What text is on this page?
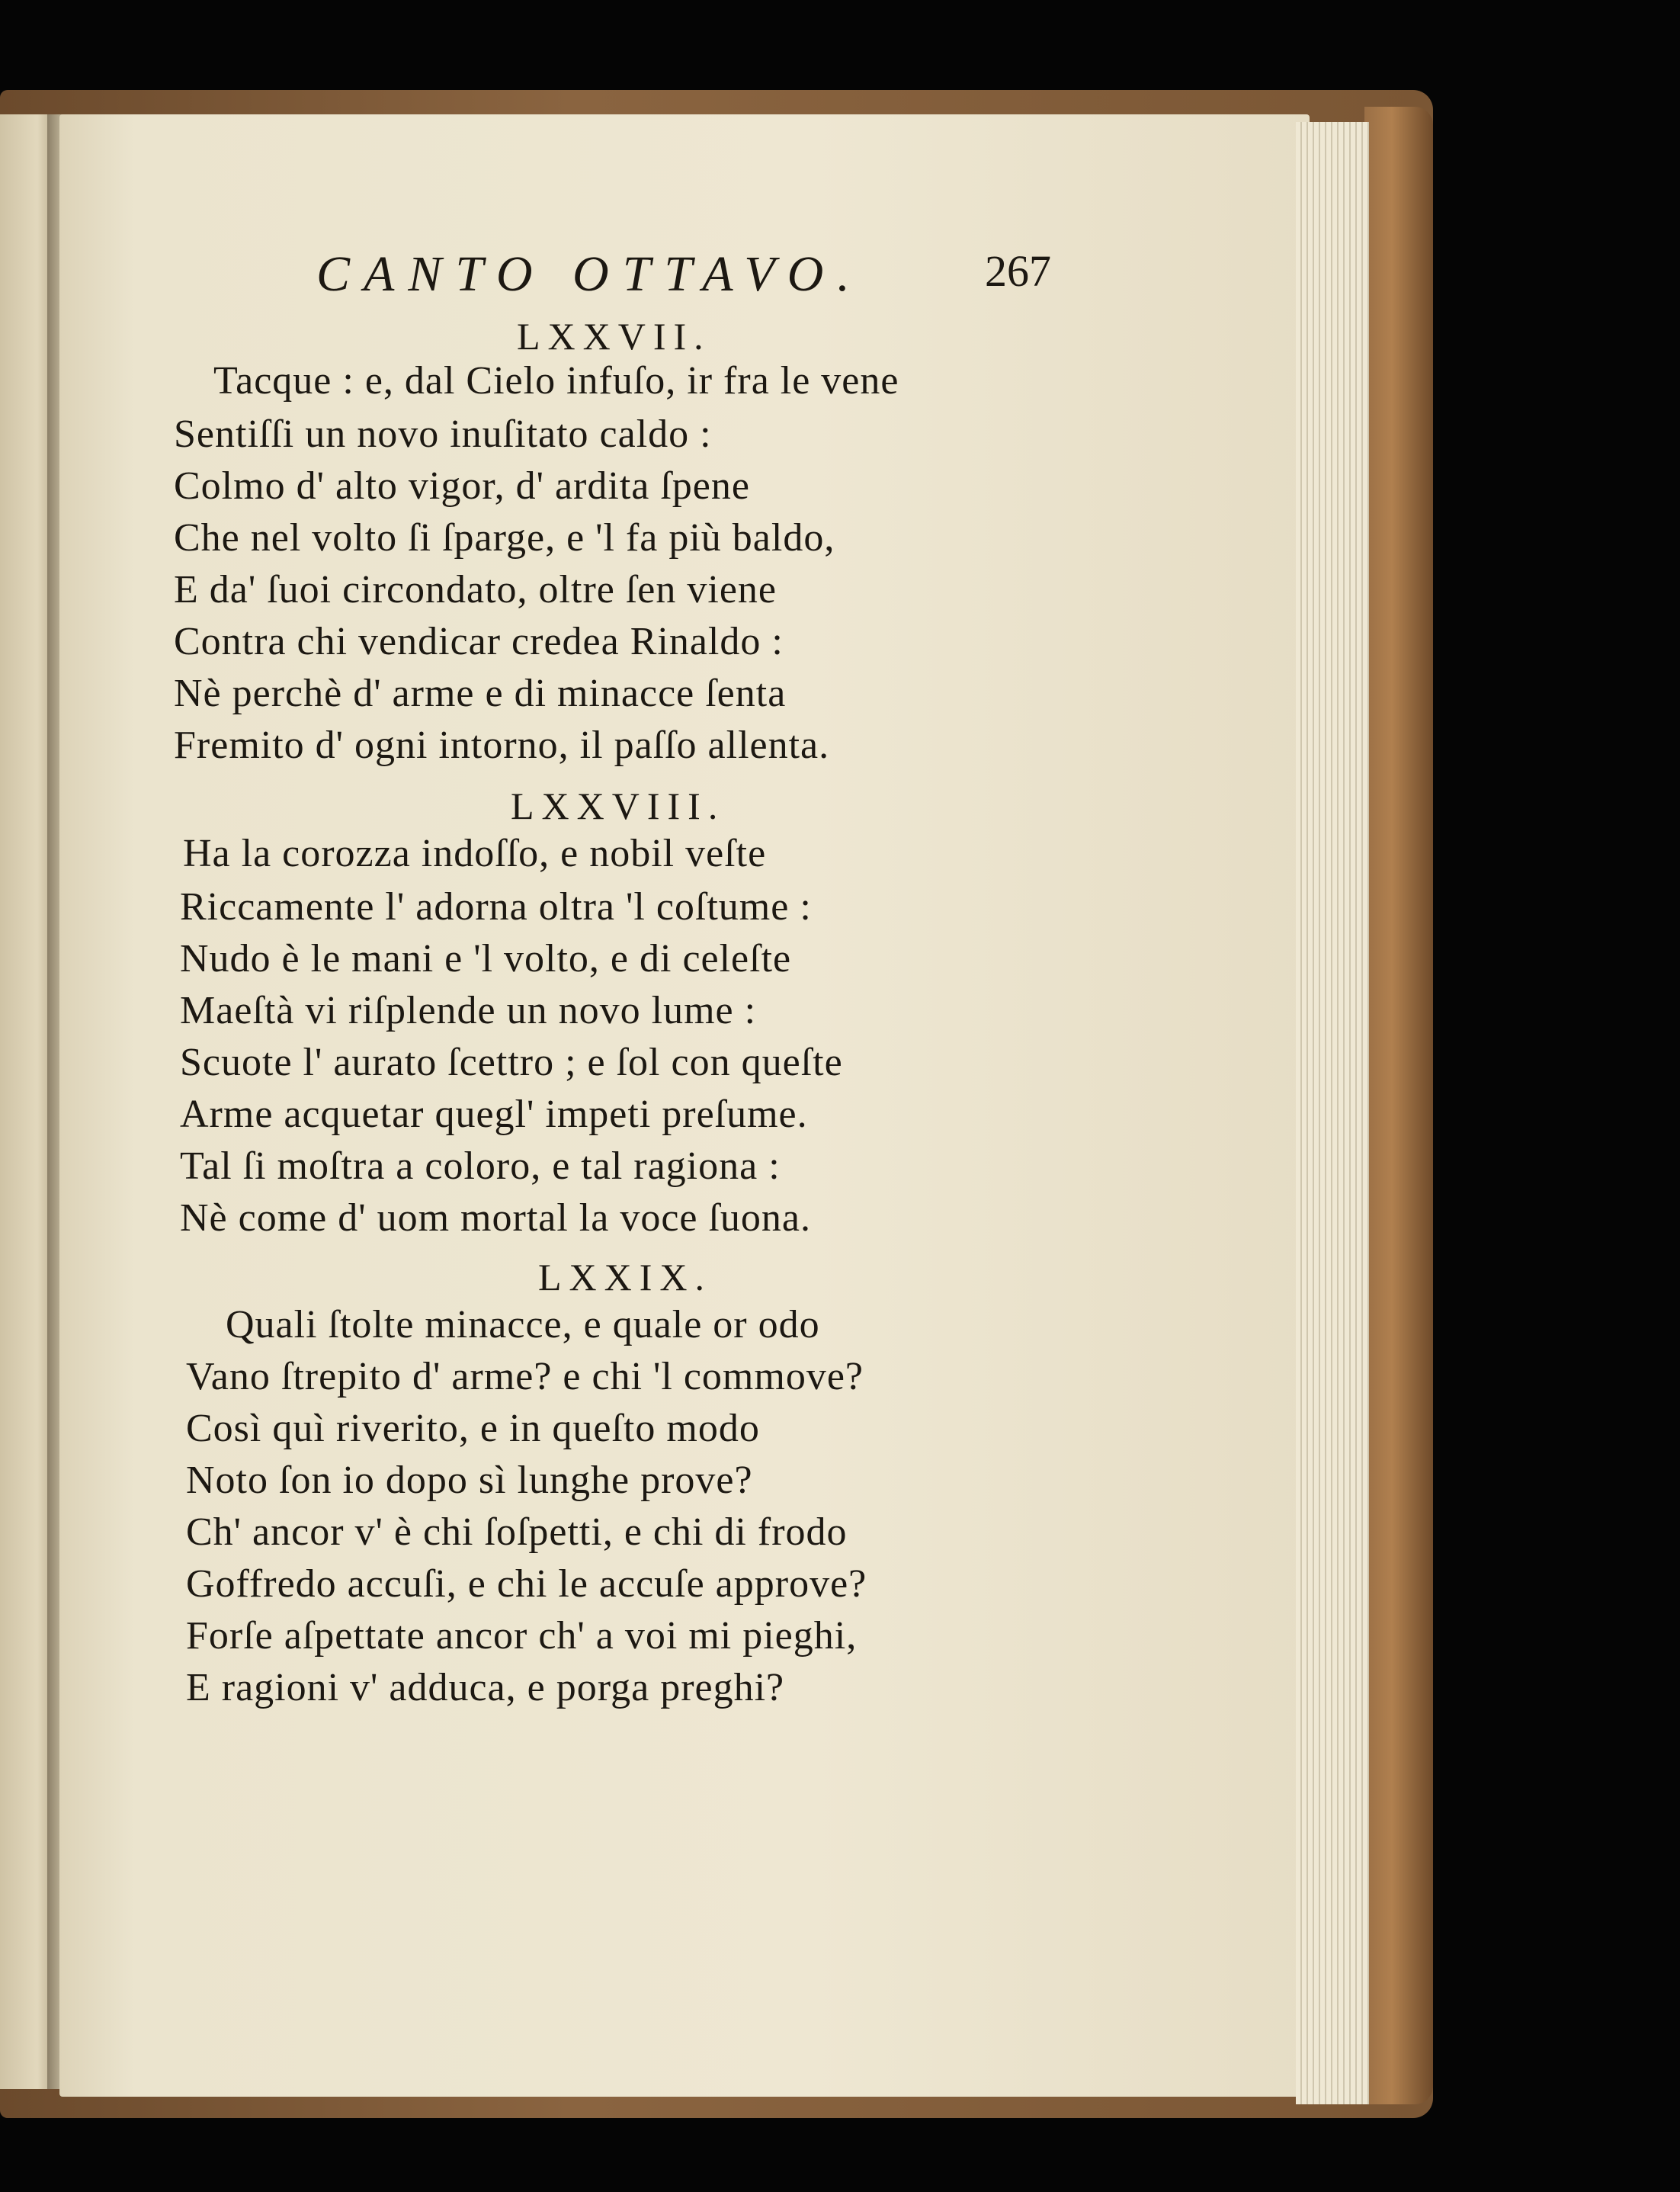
CANTO OTTAVO.	267
LXXVII.
Tacque : e, dal Cielo infuſo, ir fra le vene
Sentiſſi un novo inuſitato caldo :
Colmo d' alto vigor, d' ardita ſpene
Che nel volto ſi ſparge, e 'l fa più baldo,
E da' ſuoi circondato, oltre ſen viene
Contra chi vendicar credea Rinaldo :
Nè perchè d' arme e di minacce ſenta
Fremito d' ogni intorno, il paſſo allenta.
LXXVIII.
Ha la corozza indoſſo, e nobil veſte
Riccamente l' adorna oltra 'l coſtume :
Nudo è le mani e 'l volto, e di celeſte
Maeſtà vi riſplende un novo lume :
Scuote l' aurato ſcettro ; e ſol con queſte
Arme acquetar quegl' impeti preſume.
Tal ſi moſtra a coloro, e tal ragiona :
Nè come d' uom mortal la voce ſuona.
LXXIX.
Quali ſtolte minacce, e quale or odo
Vano ſtrepito d' arme? e chi 'l commove?
Così quì riverito, e in queſto modo
Noto ſon io dopo sì lunghe prove?
Ch' ancor v' è chi ſoſpetti, e chi di frodo
Goffredo accuſi, e chi le accuſe approve?
Forſe aſpettate ancor ch' a voi mi pieghi,
E ragioni v' adduca, e porga preghi?
